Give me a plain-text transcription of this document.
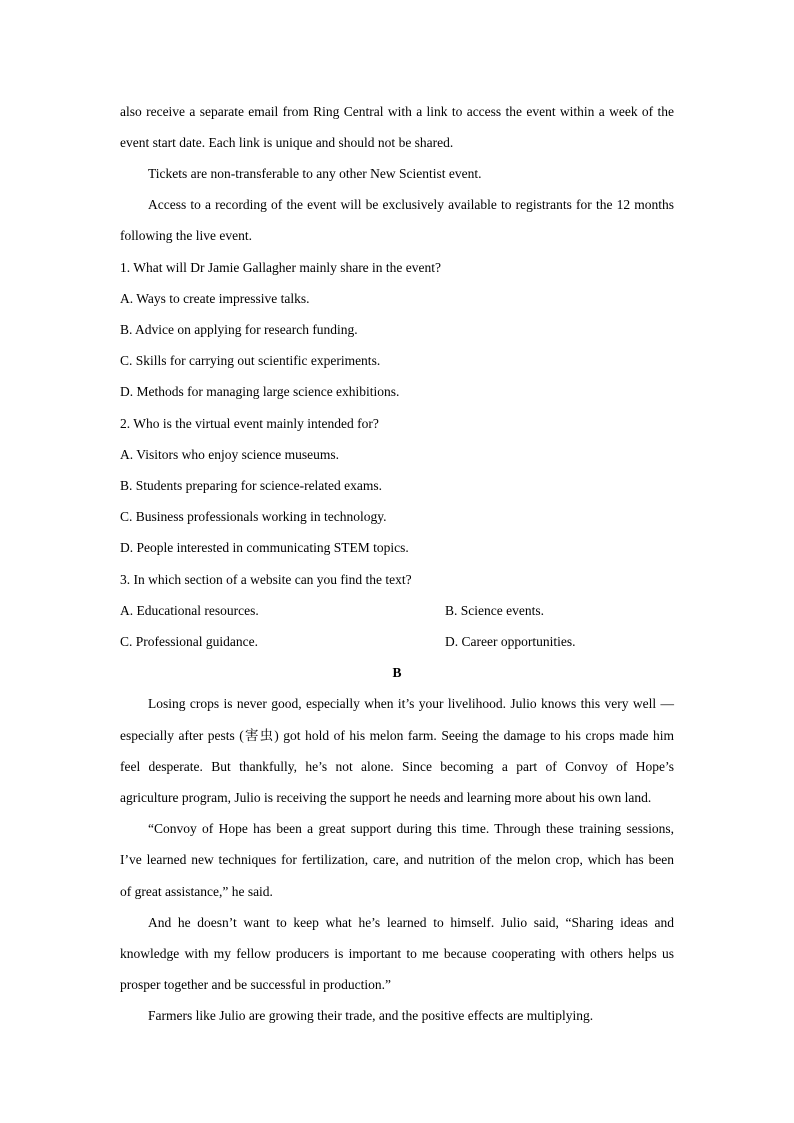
also receive a separate email from Ring Central with a link to access the event within a week of the
event start date. Each link is unique and should not be shared.
Tickets are non-transferable to any other New Scientist event.
Access to a recording of the event will be exclusively available to registrants for the 12 months
following the live event.
1. What will Dr Jamie Gallagher mainly share in the event?
A. Ways to create impressive talks.
B. Advice on applying for research funding.
C. Skills for carrying out scientific experiments.
D. Methods for managing large science exhibitions.
2. Who is the virtual event mainly intended for?
A. Visitors who enjoy science museums.
B. Students preparing for science-related exams.
C. Business professionals working in technology.
D. People interested in communicating STEM topics.
3. In which section of a website can you find the text?
A. Educational resources.	B. Science events.
C. Professional guidance.	D. Career opportunities.
B
Losing crops is never good, especially when it’s your livelihood. Julio knows this very well —
especially after pests (害虫) got hold of his melon farm. Seeing the damage to his crops made him
feel desperate. But thankfully, he’s not alone. Since becoming a part of Convoy of Hope’s
agriculture program, Julio is receiving the support he needs and learning more about his own land.
“Convoy of Hope has been a great support during this time. Through these training sessions,
I’ve learned new techniques for fertilization, care, and nutrition of the melon crop, which has been
of great assistance,” he said.
And he doesn’t want to keep what he’s learned to himself. Julio said, “Sharing ideas and
knowledge with my fellow producers is important to me because cooperating with others helps us
prosper together and be successful in production.”
Farmers like Julio are growing their trade, and the positive effects are multiplying.
